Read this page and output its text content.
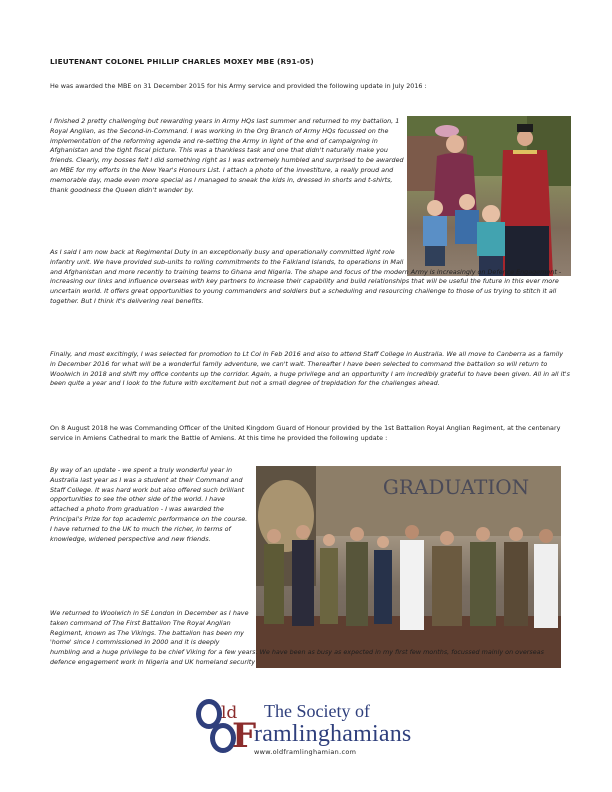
LIEUTENANT COLONEL PHILLIP CHARLES MOXEY MBE (R91-05)

He was awarded the MBE on 31 December 2015 for his Army service and provided the following update in July 2016 :

I finished 2 pretty challenging but rewarding years in Army HQs last summer and returned to my battalion, 1 Royal Anglian, as the Second-in-Command. I was working in the Org Branch of Army HQs focussed on the implementation of the reforming agenda and re-setting the Army in light of the end of campaigning in Afghanistan and the tight fiscal picture. This was a thankless task and one that didn't naturally make you friends. Clearly, my bosses felt I did something right as I was extremely humbled and surprised to be awarded an MBE for my efforts in the New Year's Honours List. I attach a photo of the investiture, a really proud and memorable day, made even more special as I managed to sneak the kids in, dressed in shorts and t-shirts, thank goodness the Queen didn't wander by.

As I said I am now back at Regimental Duty in an exceptionally busy and operationally committed light role infantry unit. We have provided sub-units to rolling commitments to the Falkland Islands, to operations in Mali
and Afghanistan and more recently to training teams to Ghana and Nigeria. The shape and focus of the modern Army is increasingly on Defence Engagement - increasing our links and influence overseas with key partners to increase their capability and build relationships that will be useful the future in this ever more uncertain world. It offers great opportunities to young commanders and soldiers but a scheduling and resourcing challenge to those of us trying to stitch it all together. But I think it's delivering real benefits.

Finally, and most excitingly, I was selected for promotion to Lt Col in Feb 2016 and also to attend Staff College in Australia. We all move to Canberra as a family in December 2016 for what will be a wonderful family adventure, we can't wait. Thereafter I have been selected to command the battalion so will return to Woolwich in 2018 and shift my office contents up the corridor. Again, a huge privilege and an opportunity I am incredibly grateful to have been given. All in all it's been quite a year and I look to the future with excitement but not a small degree of trepidation for the challenges ahead.

On 8 August 2018 he was Commanding Officer of the United Kingdom Guard of Honour provided by the 1st Battalion Royal Anglian Regiment, at the centenary service in Amiens Cathedral to mark the Battle of Amiens. At this time he provided the following update :

By way of an update - we spent a truly wonderful year in Australia last year as I was a student at their Command and Staff College. It was hard work but also offered such brilliant opportunities to see the other side of the world. I have attached a photo from graduation - I was awarded the Principal's Prize for top academic performance on the course. I have returned to the UK to much the richer, in terms of knowledge, widened perspective and new friends.

GRADUATION

We returned to Woolwich in SE London in December as I have taken command of The First Battalion The Royal Anglian Regiment, known as The Vikings. The battalion has been my 'home' since I commissioned in 2000 and it is deeply
humbling and a huge privilege to be chief Viking for a few years. We have been as busy as expected in my first few months, focussed mainly on overseas defence engagement work in Nigeria and UK homeland security

ld The Society of
F
ramlinghamians
www.oldframlinghamian.com
